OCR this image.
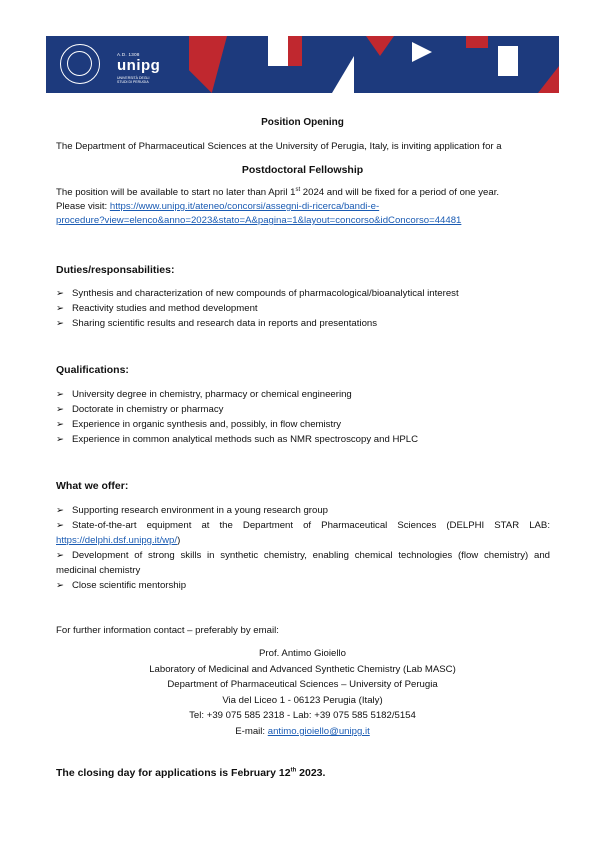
A.D. 1308
unipg
UNIVERSITÀ DEGLI STUDI DI PERUGIA
Position Opening
The Department of Pharmaceutical Sciences at the University of Perugia, Italy, is inviting application for a
Postdoctoral Fellowship
The position will be available to start no later than April 1st 2024 and will be fixed for a period of one year.
Please visit: https://www.unipg.it/ateneo/concorsi/assegni-di-ricerca/bandi-e-
procedure?view=elenco&anno=2023&stato=A&pagina=1&layout=concorso&idConcorso=44481
Duties/responsabilities:
➢ Synthesis and characterization of new compounds of pharmacological/bioanalytical interest
➢ Reactivity studies and method development
➢ Sharing scientific results and research data in reports and presentations
Qualifications:
➢ University degree in chemistry, pharmacy or chemical engineering
➢ Doctorate in chemistry or pharmacy
➢ Experience in organic synthesis and, possibly, in flow chemistry
➢ Experience in common analytical methods such as NMR spectroscopy and HPLC
What we offer:
➢ Supporting research environment in a young research group
➢ State-of-the-art equipment at the Department of Pharmaceutical Sciences (DELPHI STAR LAB: https://delphi.dsf.unipg.it/wp/)
➢ Development of strong skills in synthetic chemistry, enabling chemical technologies (flow chemistry) and medicinal chemistry
➢ Close scientific mentorship
For further information contact – preferably by email:
Prof. Antimo Gioiello
Laboratory of Medicinal and Advanced Synthetic Chemistry (Lab MASC)
Department of Pharmaceutical Sciences – University of Perugia
Via del Liceo 1 - 06123 Perugia (Italy)
Tel: +39 075 585 2318 - Lab: +39 075 585 5182/5154
E-mail: antimo.gioiello@unipg.it
The closing day for applications is February 12th 2023.
